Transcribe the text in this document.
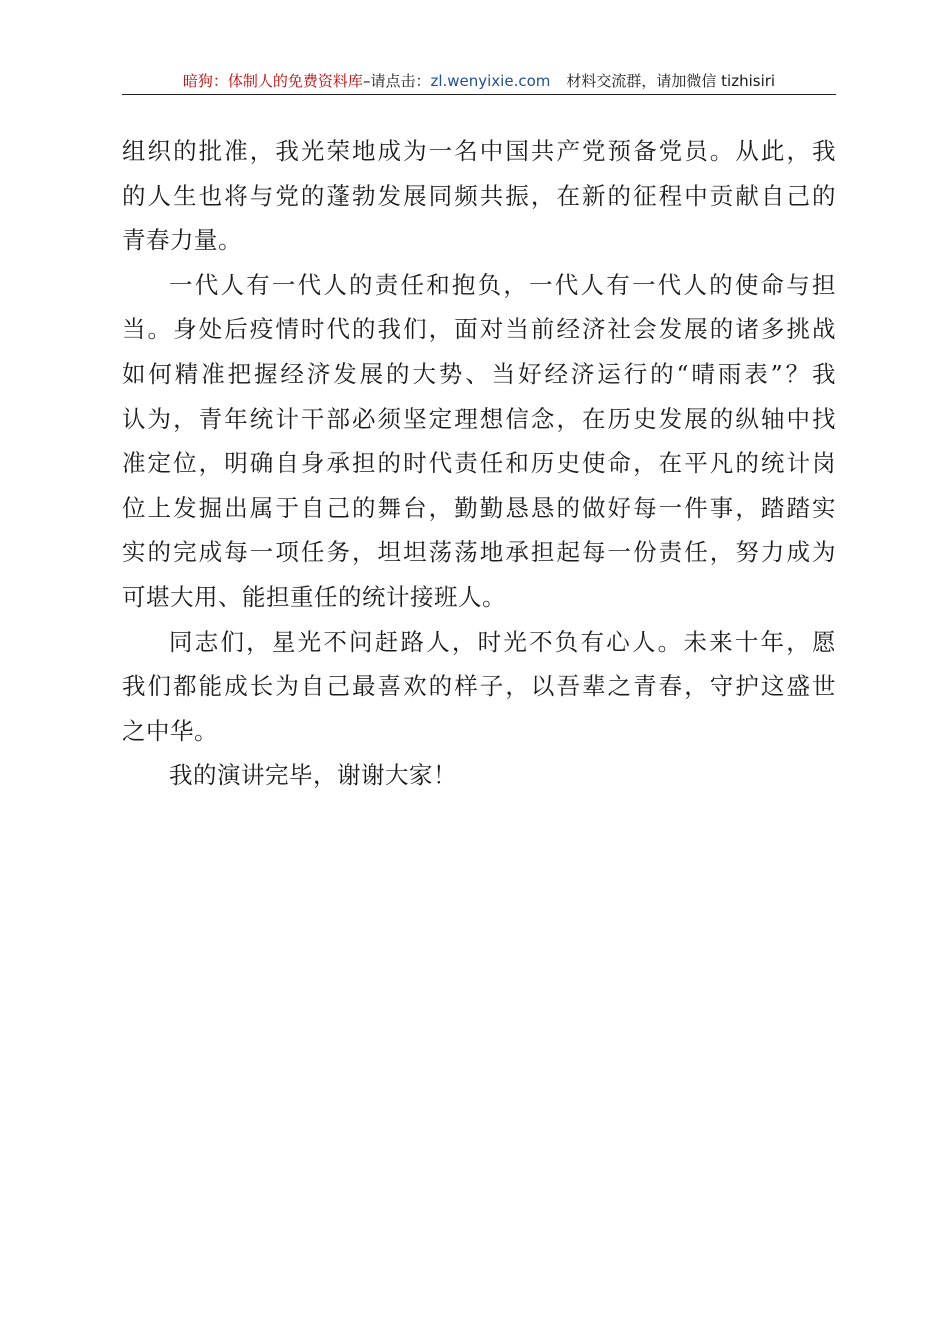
暗狗：体制人的免费资料库–请点击：zl.wenyixie.com 材料交流群，请加微信 tizhisiri

组织的批准，我光荣地成为一名中国共产党预备党员。从此，我
的人生也将与党的蓬勃发展同频共振，在新的征程中贡献自己的
青春力量。

一代人有一代人的责任和抱负，一代人有一代人的使命与担
当。身处后疫情时代的我们，面对当前经济社会发展的诸多挑战
如何精准把握经济发展的大势、当好经济运行的“晴雨表”？我
认为，青年统计干部必须坚定理想信念，在历史发展的纵轴中找
准定位，明确自身承担的时代责任和历史使命，在平凡的统计岗
位上发掘出属于自己的舞台，勤勤恳恳的做好每一件事，踏踏实
实的完成每一项任务，坦坦荡荡地承担起每一份责任，努力成为
可堪大用、能担重任的统计接班人。

同志们，星光不问赶路人，时光不负有心人。未来十年，愿
我们都能成长为自己最喜欢的样子，以吾辈之青春，守护这盛世
之中华。

我的演讲完毕，谢谢大家！
